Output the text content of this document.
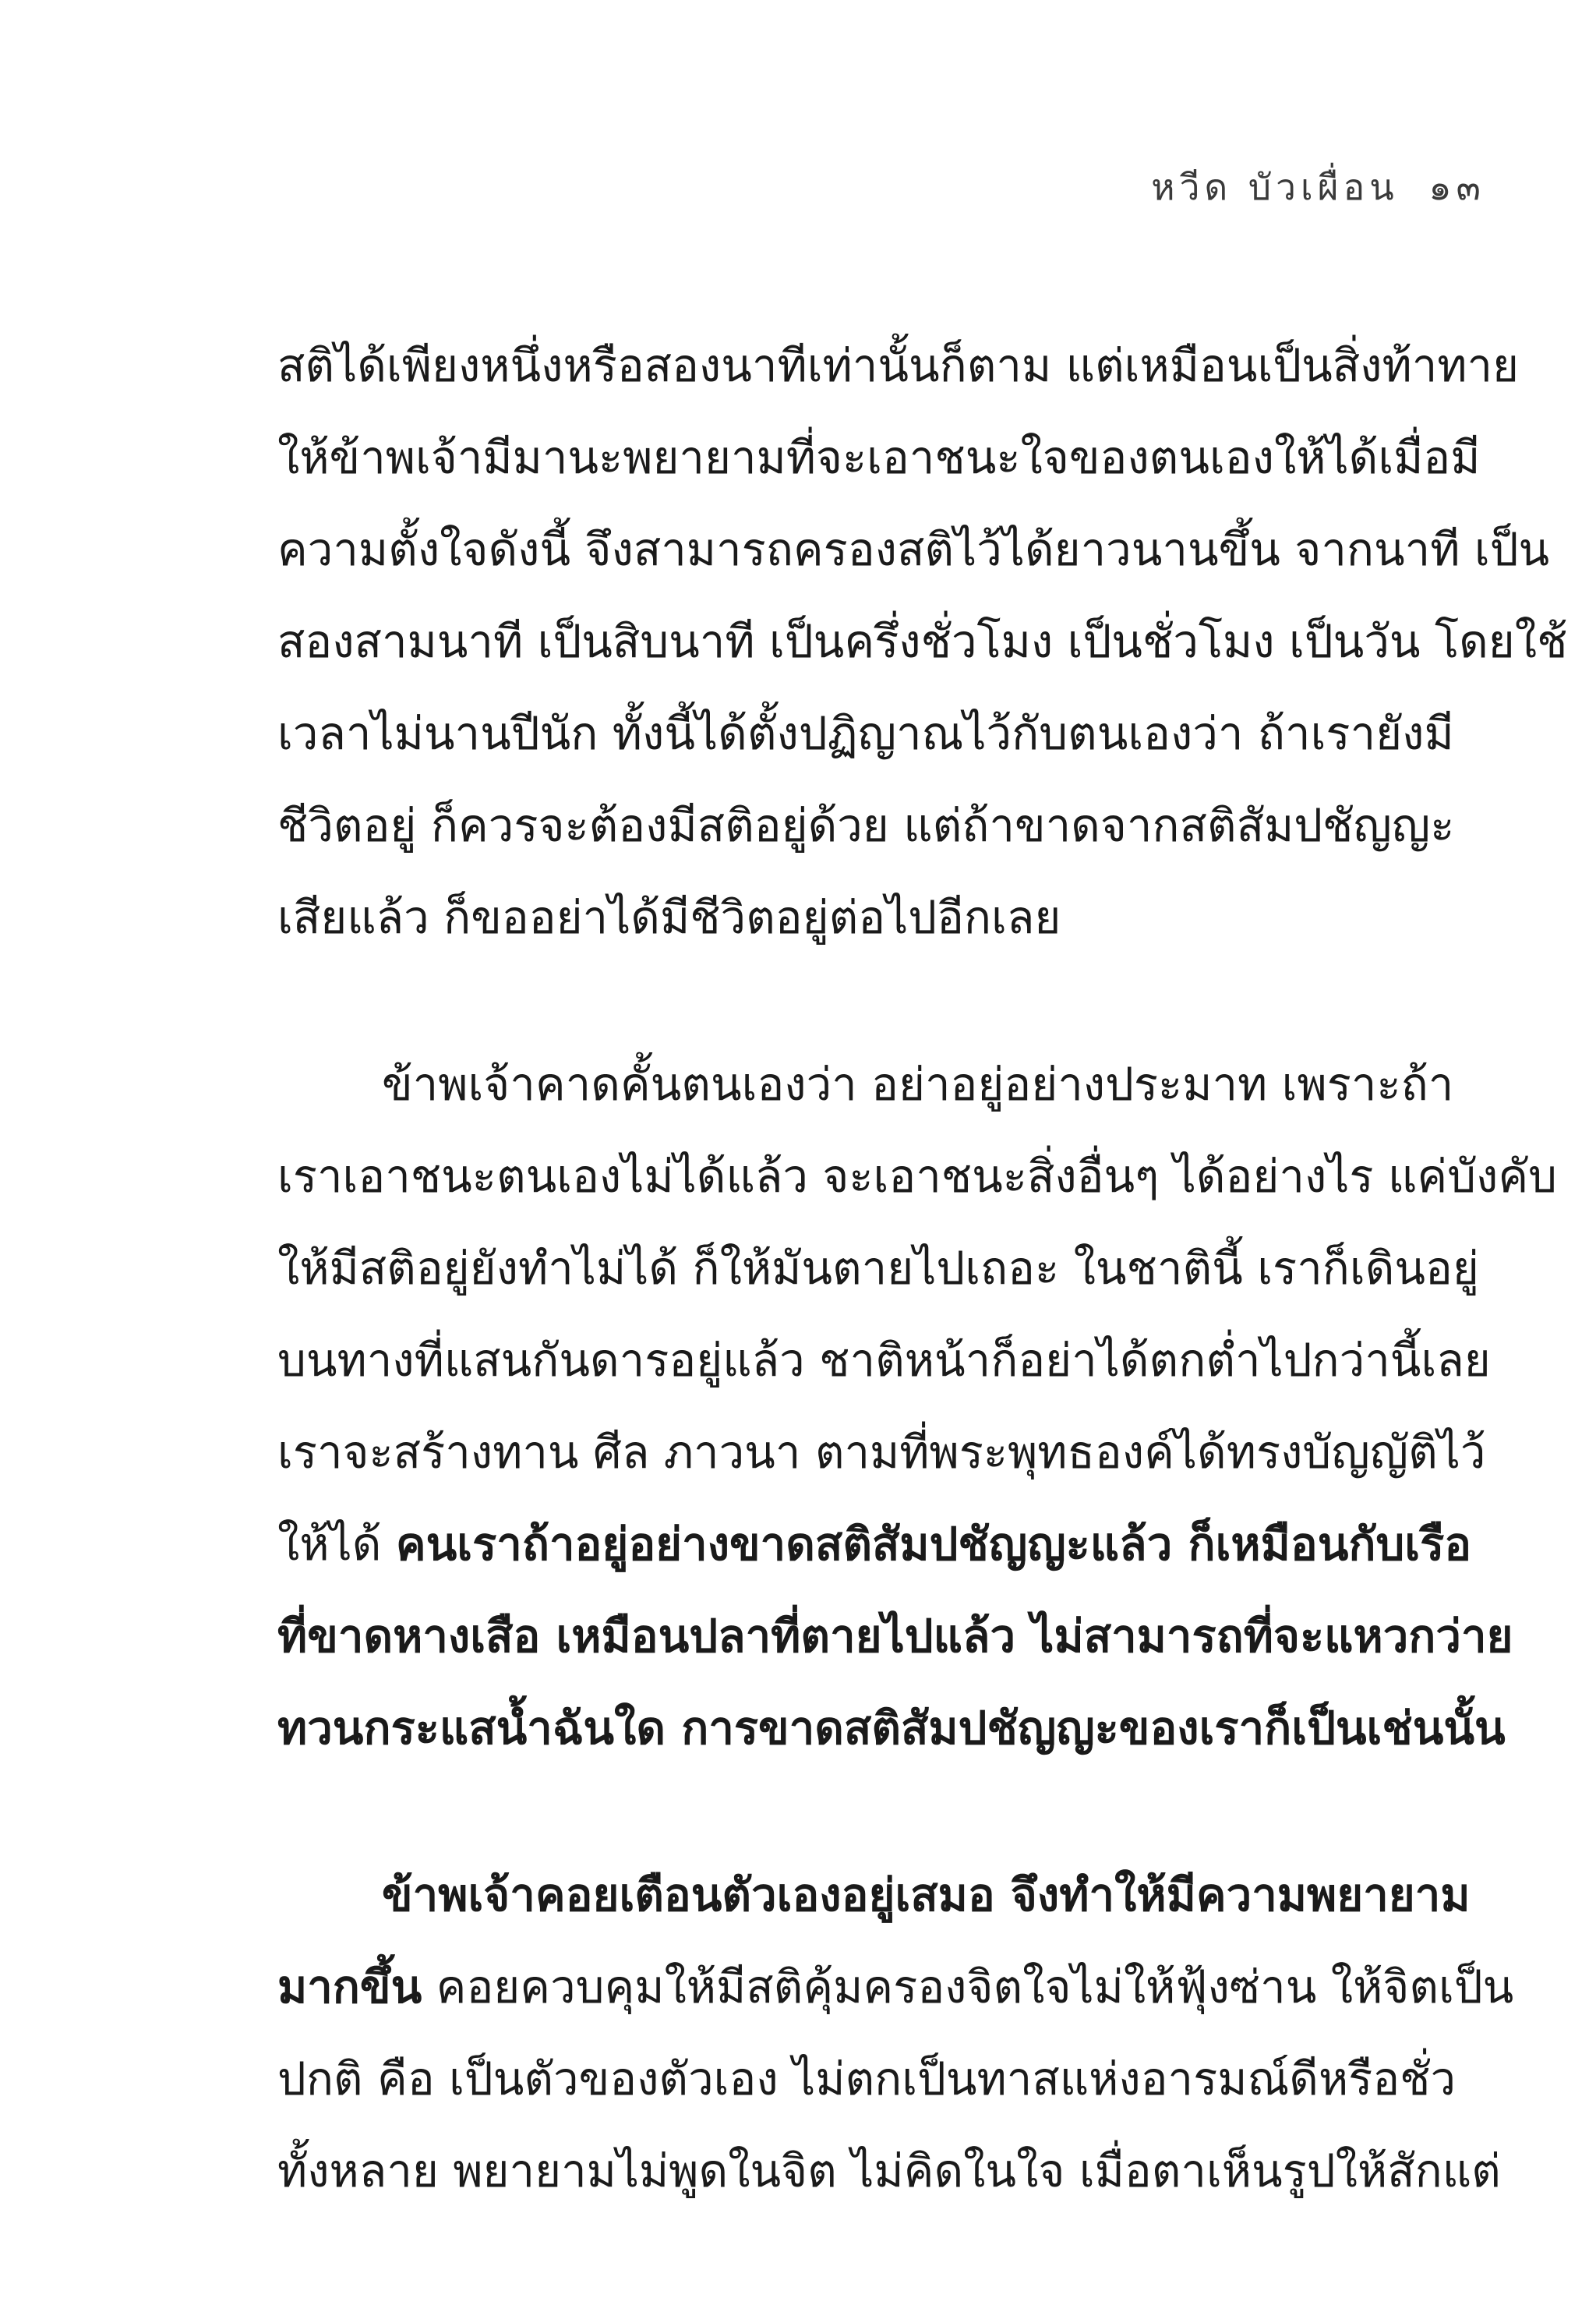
หวีด บัวเผื่อน ๑๓
สติได้เพียงหนึ่งหรือสองนาทีเท่านั้นก็ตาม แต่เหมือนเป็นสิ่งท้าทาย
ให้ข้าพเจ้ามีมานะพยายามที่จะเอาชนะใจของตนเองให้ได้เมื่อมี
ความตั้งใจดังนี้ จึงสามารถครองสติไว้ได้ยาวนานขึ้น จากนาที เป็น
สองสามนาที เป็นสิบนาที เป็นครึ่งชั่วโมง เป็นชั่วโมง เป็นวัน โดยใช้
เวลาไม่นานปีนัก ทั้งนี้ได้ตั้งปฏิญาณไว้กับตนเองว่า ถ้าเรายังมี
ชีวิตอยู่ ก็ควรจะต้องมีสติอยู่ด้วย แต่ถ้าขาดจากสติสัมปชัญญะ
เสียแล้ว ก็ขออย่าได้มีชีวิตอยู่ต่อไปอีกเลย
ข้าพเจ้าคาดคั้นตนเองว่า อย่าอยู่อย่างประมาท เพราะถ้า
เราเอาชนะตนเองไม่ได้แล้ว จะเอาชนะสิ่งอื่นๆ ได้อย่างไร แค่บังคับ
ให้มีสติอยู่ยังทำไม่ได้ ก็ให้มันตายไปเถอะ ในชาตินี้ เราก็เดินอยู่
บนทางที่แสนกันดารอยู่แล้ว ชาติหน้าก็อย่าได้ตกต่ำไปกว่านี้เลย
เราจะสร้างทาน ศีล ภาวนา ตามที่พระพุทธองค์ได้ทรงบัญญัติไว้
ให้ได้ คนเราถ้าอยู่อย่างขาดสติสัมปชัญญะแล้ว ก็เหมือนกับเรือ
ที่ขาดหางเสือ เหมือนปลาที่ตายไปแล้ว ไม่สามารถที่จะแหวกว่าย
ทวนกระแสน้ำฉันใด การขาดสติสัมปชัญญะของเราก็เป็นเช่นนั้น
ข้าพเจ้าคอยเตือนตัวเองอยู่เสมอ จึงทำให้มีความพยายาม
มากขึ้น คอยควบคุมให้มีสติคุ้มครองจิตใจไม่ให้ฟุ้งซ่าน ให้จิตเป็น
ปกติ คือ เป็นตัวของตัวเอง ไม่ตกเป็นทาสแห่งอารมณ์ดีหรือชั่ว
ทั้งหลาย พยายามไม่พูดในจิต ไม่คิดในใจ เมื่อตาเห็นรูปให้สักแต่
